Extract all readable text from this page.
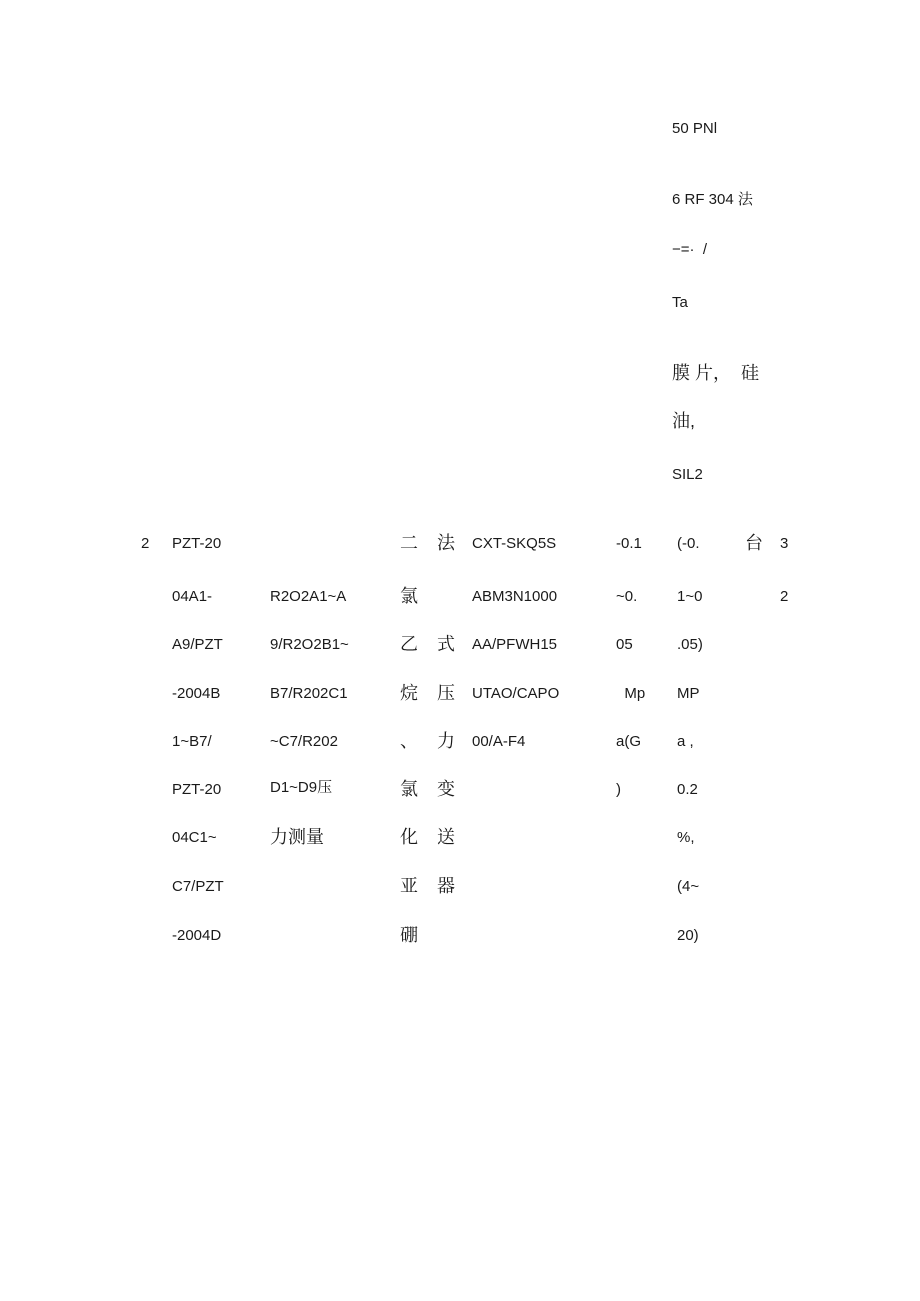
50 PNl
6 RF 304 法
−=·  /
Ta
膜 片，  硅
油,
SIL2
2 PZT-20
04A1-
A9/PZT
-2004B
1~B7/
PZT-20
04C1~
C7/PZT
-2004D
R2O2A1~A
9/R2O2B1~
B7/R202C1
~C7/R202
D1~D9压
力测量
二
氯
乙
烷
、
氯
化
亚
硼
法
式
压
力
变
送
器
CXT-SKQ5S
ABM3N1000
AA/PFWH15
UTAO/CAPO
00/A-F4
-0.1
~0.
05
Mp
a(G
)
(-0.
1~0
.05)
MP
a ,
0.2
%,
(4~
20)
台 3
2
